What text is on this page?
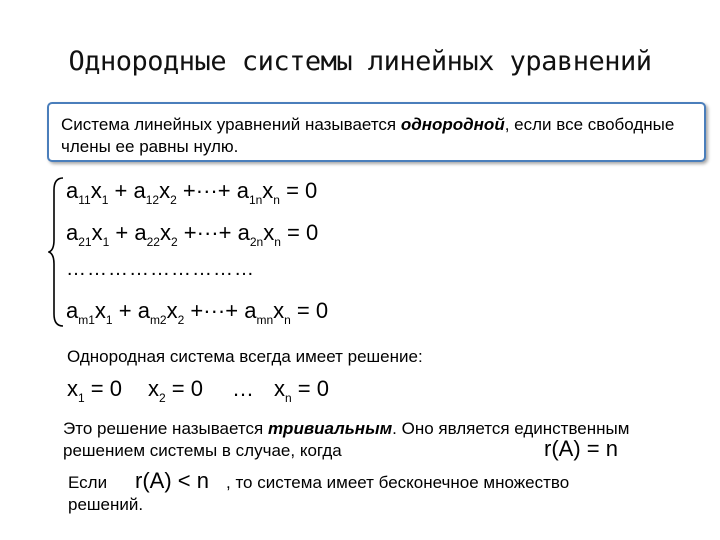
Однородные системы линейных уравнений
Система линейных уравнений называется однородной, если все свободные члены ее равны нулю.
$a_{11}x_1 + a_{12}x_2$ +···+ $a_{1n}x_n = 0$
$a_{21}x_1 + a_{22}x_2$ +···+ $a_{2n}x_n = 0$
………………………
$a_{m1}x_1 + a_{m2}x_2$ +···+ $a_{mn}x_n = 0$
Однородная система всегда имеет решение:
$x_1 = 0$ $x_2 = 0$ … $x_n = 0$
Это решение называется тривиальным. Оно является единственным решением системы в случае, когда	r(A) = n
Если r(A) < n , то система имеет бесконечное множество
решений.
